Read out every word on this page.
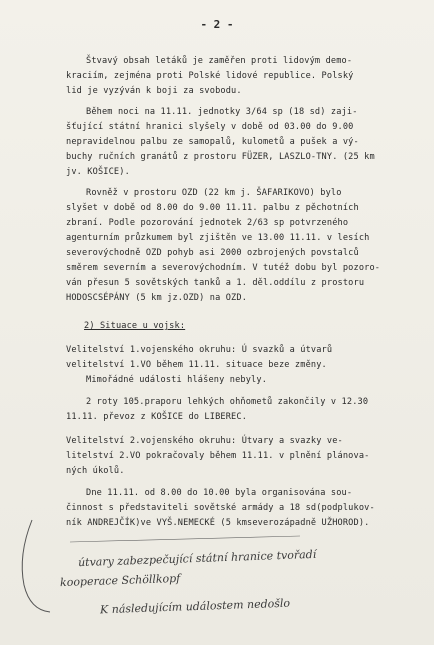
- 2 -
Štvavý obsah letáků je zaměřen proti lidovým demo-
kraciím, zejména proti Polské lidové republice. Polský
lid je vyzýván k boji za svobodu.
Během noci na 11.11. jednotky 3/64 sp (18 sd) zaji-
šťující státní hranici slyšely v době od 03.00 do 9.00
nepravidelnou palbu ze samopalů, kulometů a pušek a vý-
buchy ručních granátů z prostoru FÜZER, LASZLO-TNY. (25 km
jv. KOŠICE).
Rovněž v prostoru OZD (22 km j. ŠAFARIKOVO) bylo
slyšet v době od 8.00 do 9.00 11.11. palbu z pěchotních
zbraní. Podle pozorování jednotek 2/63 sp potvrzeného
agenturním průzkumem byl zjištěn ve 13.00 11.11. v lesích
severovýchodně OZD pohyb asi 2000 ozbrojených povstalců
směrem severním a severovýchodním. V tutéž dobu byl pozoro-
ván přesun 5 sovětských tanků a 1. děl.oddílu z prostoru
HODOSCSÉPÁNY (5 km jz.OZD) na OZD.
2) Situace u vojsk:
Velitelství 1.vojenského okruhu: Ú svazků a útvarů
velitelství 1.VO během 11.11. situace beze změny.
Mimořádné události hlášeny nebyly.
2 roty 105.praporu lehkých ohňometů zakončily v 12.30
11.11. převoz z KOŠICE do LIBEREC.
Velitelství 2.vojenského okruhu: Útvary a svazky ve-
litelství 2.VO pokračovaly během 11.11. v plnění plánova-
ných úkolů.
Dne 11.11. od 8.00 do 10.00 byla organisována sou-
činnost s představiteli sovětské armády a 18 sd(podplukov-
ník ANDREJČÍK)ve VYŠ.NEMECKÉ (5 kmseverozápadně UŽHOROD).
útvary zabezpečující státní hranice tvořadí
kooperace Schöllkopf
K následujícím událostem nedošlo
